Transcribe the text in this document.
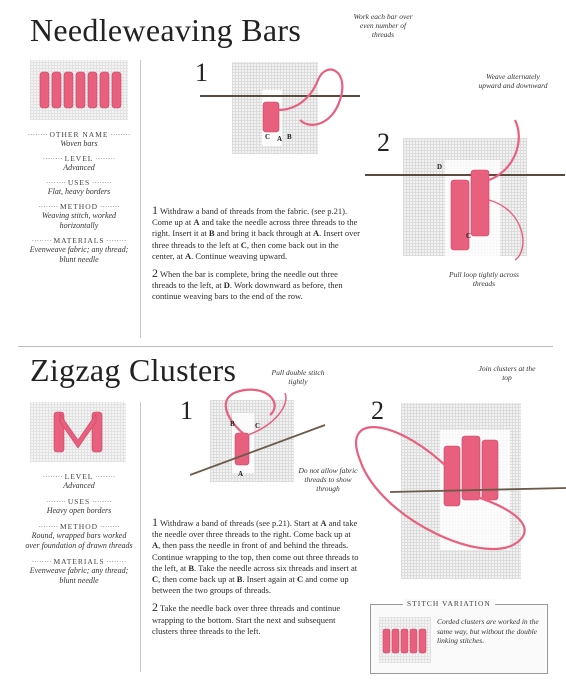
Needleweaving Bars
····· OTHER NAME ·····
Woven bars
····· LEVEL ·····
Advanced
····· USES ·····
Flat, heavy borders
····· METHOD ·····
Weaving stitch, worked horizontally
····· MATERIALS ·····
Evenweave fabric; any thread; blunt needle
1
C A B
Work each bar over even number of threads
2
D
C
Weave alternately upward and downward
Pull loop tightly across threads

1 Withdraw a band of threads from the fabric. (see p.21). Come up at A and take the needle across three threads to the right. Insert it at B and bring it back through at A. Insert over three threads to the left at C, then come back out in the center, at A. Continue weaving upward.

2 When the bar is complete, bring the needle out three threads to the left, at D. Work downward as before, then continue weaving bars to the end of the row.

Zigzag Clusters
····· LEVEL ·····
Advanced
····· USES ·····
Heavy open borders
····· METHOD ·····
Round, wrapped bars worked over foundation of drawn threads
····· MATERIALS ·····
Evenweave fabric; any thread; blunt needle
1	B	C
A
Pull double stitch tightly
Do not allow fabric threads to show through
2
Join clusters at the top

1 Withdraw a band of threads (see p.21). Start at A and take the needle over three threads to the right. Come back up at A, then pass the needle in front of and behind the threads. Continue wrapping to the top, then come out three threads to the left, at B. Take the needle across six threads and insert at C, then come back up at B. Insert again at C and come up between the two groups of threads.

2 Take the needle back over three threads and continue wrapping to the bottom. Start the next and subsequent clusters three threads to the left.

STITCH VARIATION
Corded clusters are worked in the same way, but without the double linking stitches.
